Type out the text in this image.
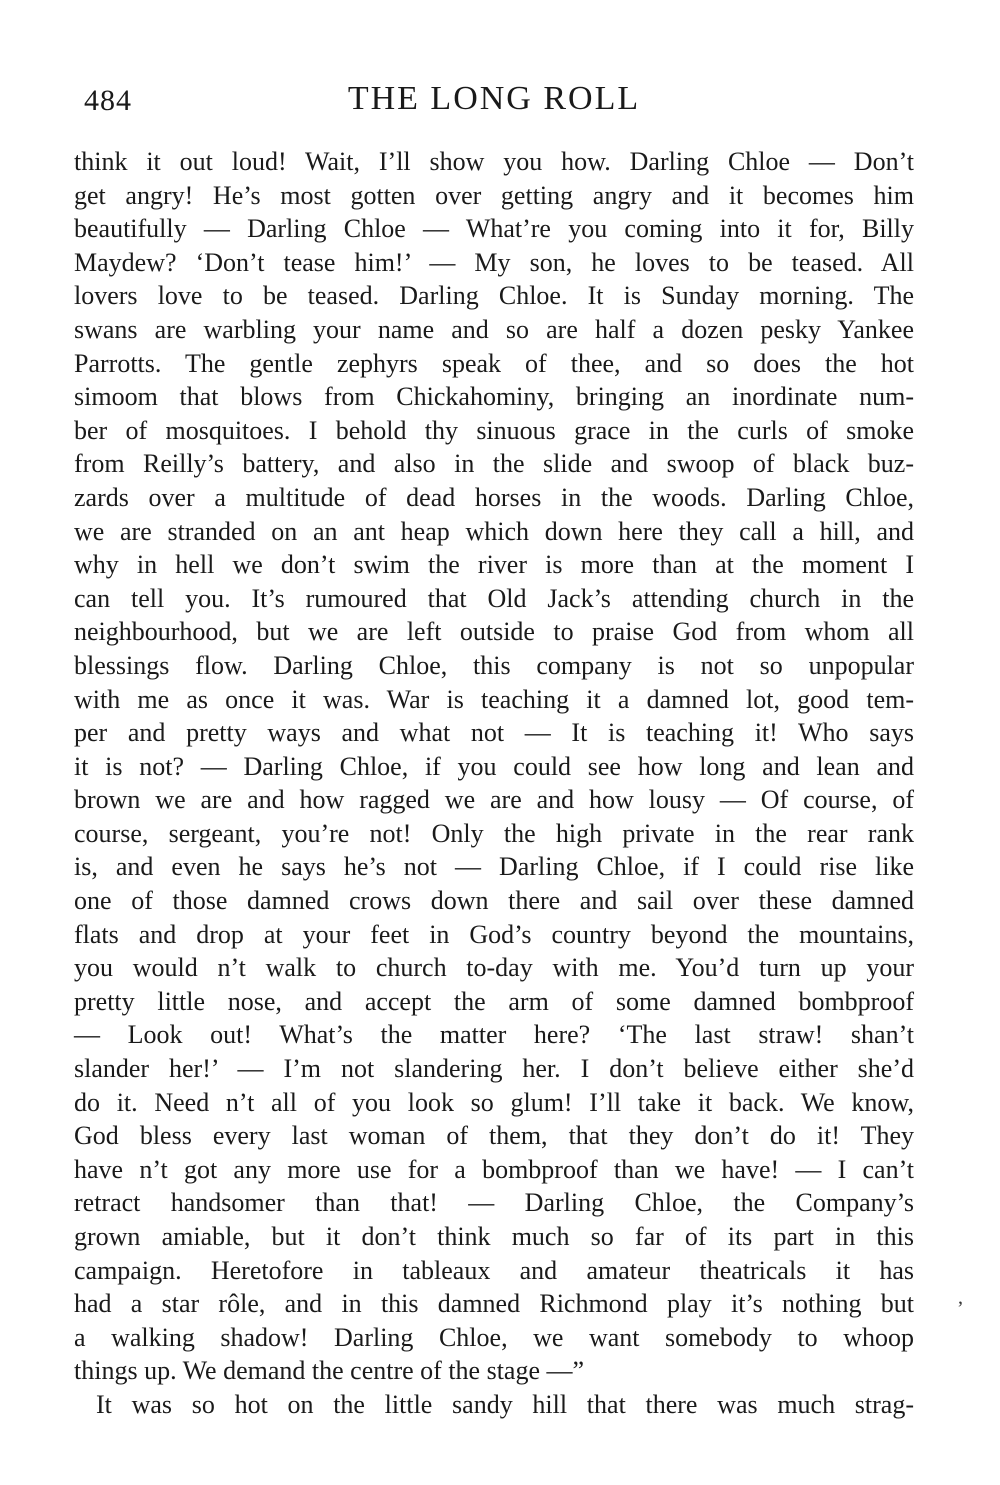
484	THE LONG ROLL
think it out loud! Wait, I’ll show you how. Darling Chloe — Don’t
get angry! He’s most gotten over getting angry and it becomes him
beautifully — Darling Chloe — What’re you coming into it for, Billy
Maydew? ‘Don’t tease him!’ — My son, he loves to be teased. All
lovers love to be teased. Darling Chloe. It is Sunday morning. The
swans are warbling your name and so are half a dozen pesky Yankee
Parrotts. The gentle zephyrs speak of thee, and so does the hot
simoom that blows from Chickahominy, bringing an inordinate num-
ber of mosquitoes. I behold thy sinuous grace in the curls of smoke
from Reilly’s battery, and also in the slide and swoop of black buz-
zards over a multitude of dead horses in the woods. Darling Chloe,
we are stranded on an ant heap which down here they call a hill, and
why in hell we don’t swim the river is more than at the moment I
can tell you. It’s rumoured that Old Jack’s attending church in the
neighbourhood, but we are left outside to praise God from whom all
blessings flow. Darling Chloe, this company is not so unpopular
with me as once it was. War is teaching it a damned lot, good tem-
per and pretty ways and what not — It is teaching it! Who says
it is not? — Darling Chloe, if you could see how long and lean and
brown we are and how ragged we are and how lousy — Of course, of
course, sergeant, you’re not! Only the high private in the rear rank
is, and even he says he’s not — Darling Chloe, if I could rise like
one of those damned crows down there and sail over these damned
flats and drop at your feet in God’s country beyond the mountains,
you would n’t walk to church to-day with me. You’d turn up your
pretty little nose, and accept the arm of some damned bombproof
— Look out! What’s the matter here? ‘The last straw! shan’t
slander her!’ — I’m not slandering her. I don’t believe either she’d
do it. Need n’t all of you look so glum! I’ll take it back. We know,
God bless every last woman of them, that they don’t do it! They
have n’t got any more use for a bombproof than we have! — I can’t
retract handsomer than that! — Darling Chloe, the Company’s
grown amiable, but it don’t think much so far of its part in this
campaign. Heretofore in tableaux and amateur theatricals it has
had a star rôle, and in this damned Richmond play it’s nothing but
a walking shadow! Darling Chloe, we want somebody to whoop
things up. We demand the centre of the stage —”
It was so hot on the little sandy hill that there was much strag-
ʼ
